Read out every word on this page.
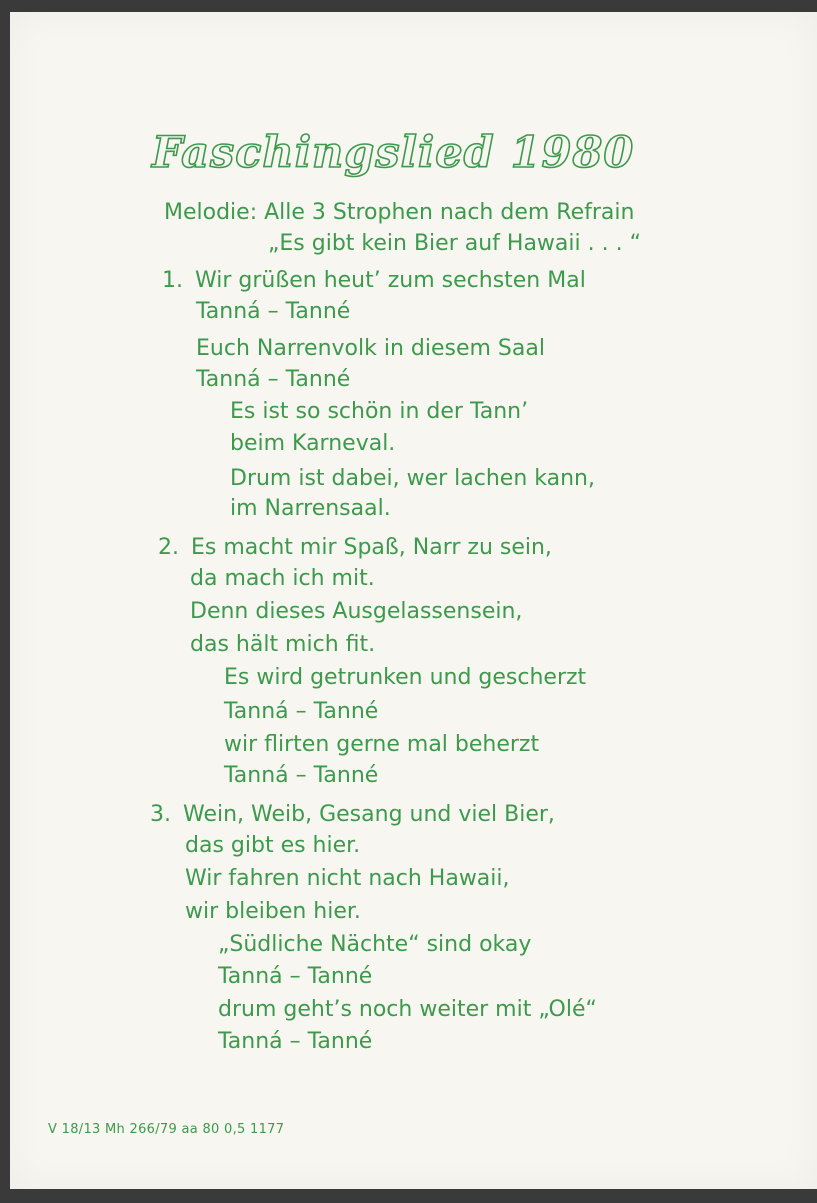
Faschingslied 1980
Melodie: Alle 3 Strophen nach dem Refrain
„Es gibt kein Bier auf Hawaii . . . “
1. Wir grüßen heut’ zum sechsten Mal
Tanná – Tanné
Euch Narrenvolk in diesem Saal
Tanná – Tanné
Es ist so schön in der Tann’
beim Karneval.
Drum ist dabei, wer lachen kann,
im Narrensaal.
2. Es macht mir Spaß, Narr zu sein,
da mach ich mit.
Denn dieses Ausgelassensein,
das hält mich fit.
Es wird getrunken und gescherzt
Tanná – Tanné
wir flirten gerne mal beherzt
Tanná – Tanné
3. Wein, Weib, Gesang und viel Bier,
das gibt es hier.
Wir fahren nicht nach Hawaii,
wir bleiben hier.
„Südliche Nächte“ sind okay
Tanná – Tanné
drum geht’s noch weiter mit „Olé“
Tanná – Tanné
V 18/13 Mh 266/79 aa 80 0,5 1177
